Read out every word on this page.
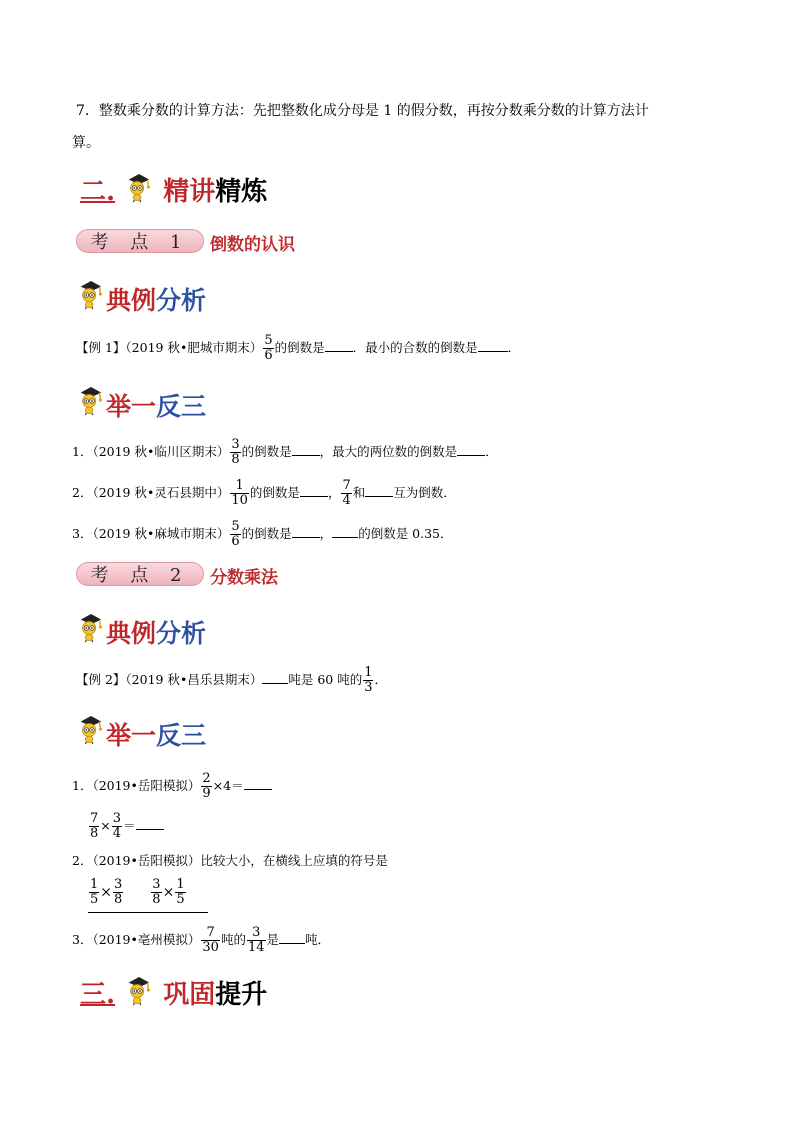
7．整数乘分数的计算方法：先把整数化成分母是 1 的假分数，再按分数乘分数的计算方法计
算。
二. 精讲精炼
考 点 1	倒数的认识
典例分析
【例 1】（2019 秋•肥城市期末） $\frac{5}{6}$ 的倒数是 ．最小的合数的倒数是 ．
举一反三
1．（2019 秋•临川区期末） $\frac{3}{8}$ 的倒数是 ，最大的两位数的倒数是 ．
2．（2019 秋•灵石县期中） $\frac{1}{10}$ 的倒数是 ， $\frac{7}{4}$ 和 互为倒数．
3．（2019 秋•麻城市期末） $\frac{5}{6}$ 的倒数是 ， 的倒数是 0.35．
考 点 2	分数乘法
典例分析
【例 2】（2019 秋•昌乐县期末） 吨是 60 吨的 $\frac{1}{3}$ ．
举一反三
1．（2019•岳阳模拟） $\frac{2}{9} \times 4=$
$\frac{7}{8} \times \frac{3}{4}$ ＝
2．（2019•岳阳模拟）比较大小，在横线上应填的符号是
$\frac{1}{5} \times \frac{3}{8} \frac{3}{8} \times \frac{1}{5}$
3．（2019•亳州模拟） $\frac{7}{30}$ 吨的 $\frac{3}{14}$ 是 吨．
三. 巩固提升
